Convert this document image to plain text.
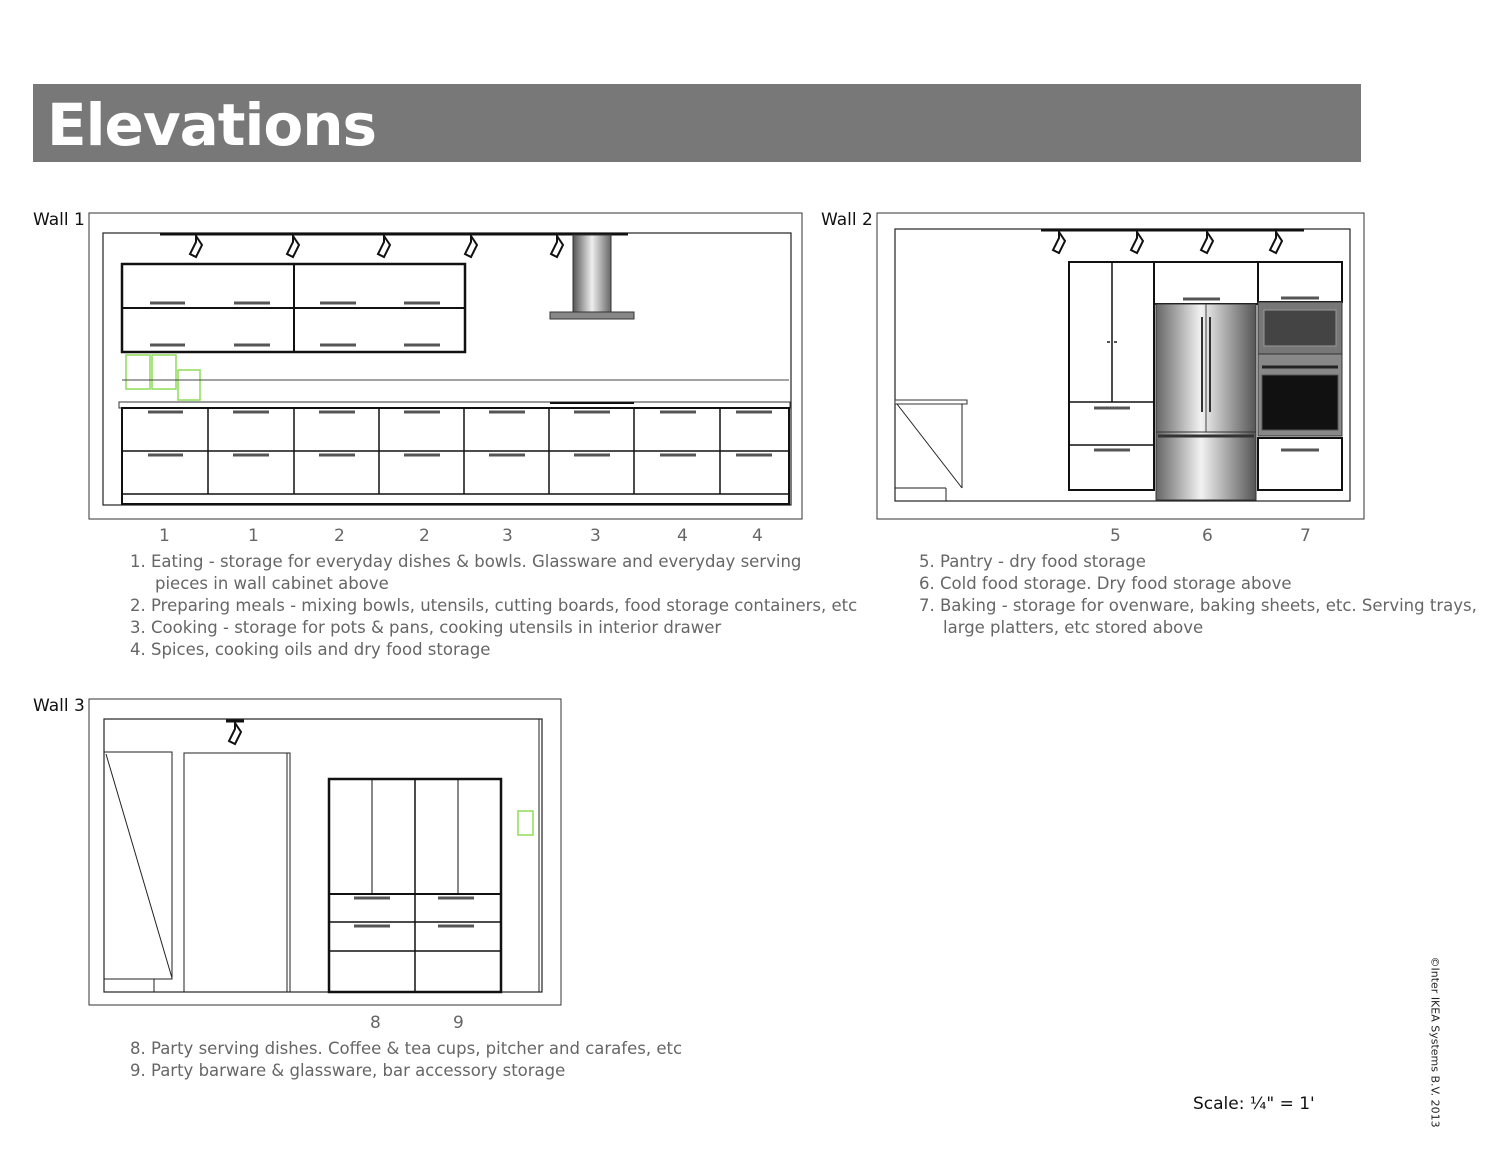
Elevations
Wall 1
1	1	2	2	3	3	4	4
1. Eating - storage for everyday dishes & bowls. Glassware and everyday serving
pieces in wall cabinet above
2. Preparing meals - mixing bowls, utensils, cutting boards, food storage containers, etc
3. Cooking - storage for pots & pans, cooking utensils in interior drawer
4. Spices, cooking oils and dry food storage
Wall 2
5	6	7
5. Pantry - dry food storage
6. Cold food storage. Dry food storage above
7. Baking - storage for ovenware, baking sheets, etc. Serving trays,
large platters, etc stored above
Wall 3
8	9
8. Party serving dishes. Coffee & tea cups, pitcher and carafes, etc
9. Party barware & glassware, bar accessory storage
Scale: ¼" = 1'	©Inter IKEA Systems B.V. 2013
